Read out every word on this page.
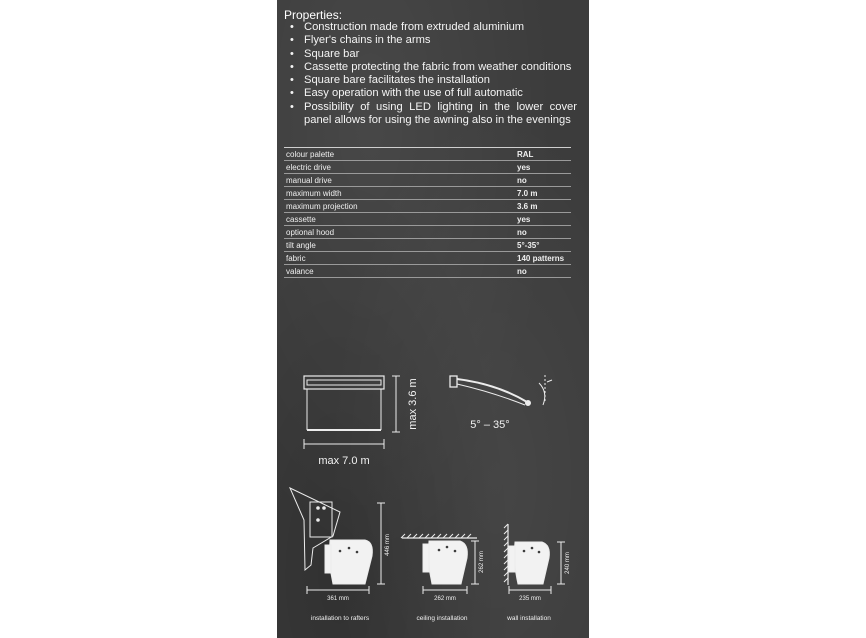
Properties:
• Construction made from extruded aluminium
• Flyer's chains in the arms
• Square bar
• Cassette protecting the fabric from weather conditions
• Square bare facilitates the installation
• Easy operation with the use of full automatic
• Possibility of using LED lighting in the lower cover panel allows for using the awning also in the evenings
colour palette	RAL
electric drive	yes
manual drive	no
maximum width	7.0 m
maximum projection	3.6 m
cassette	yes
optional hood	no
tilt angle	5°-35°
fabric	140 patterns
valance	no
max 3.6 m
max 7.0 m
5° – 35°
446 mm
361 mm
installation to rafters
262 mm
262 mm
ceiling installation
240 mm
235 mm
wall installation
